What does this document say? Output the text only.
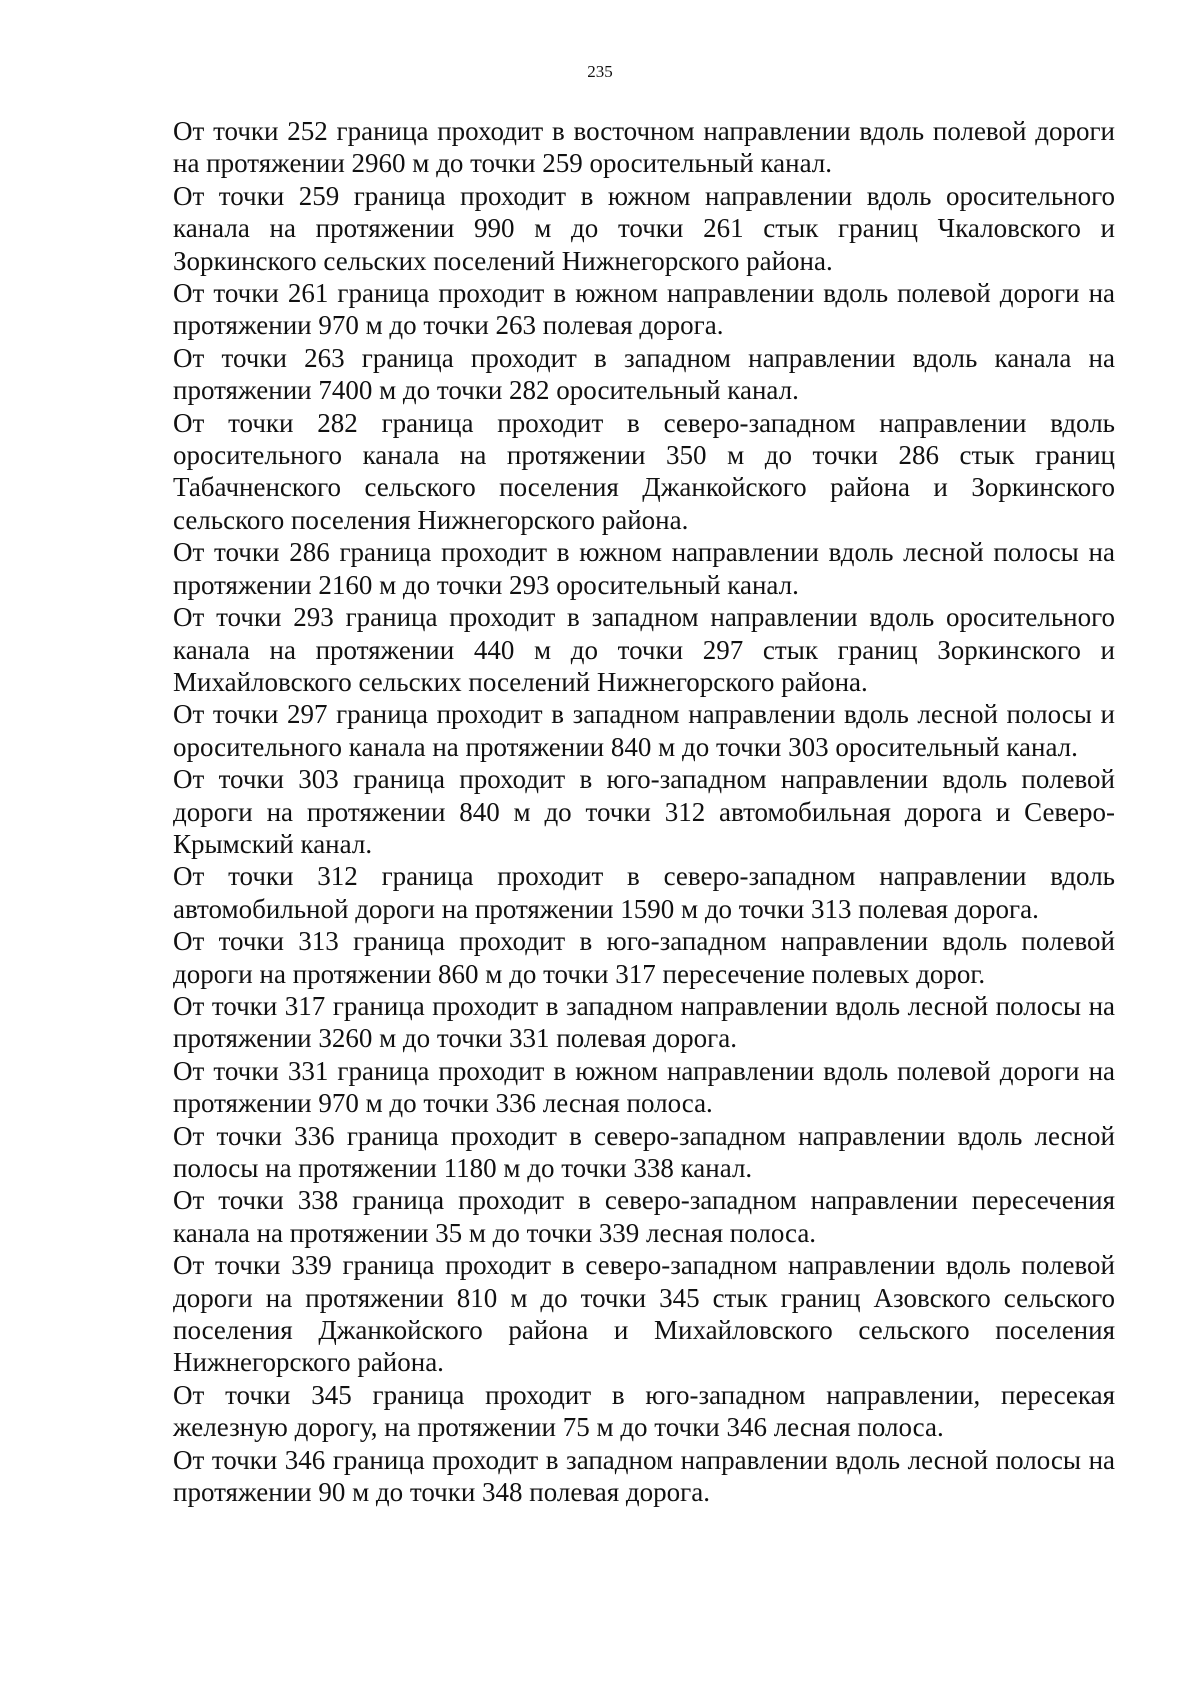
235

От точки 252 граница проходит в восточном направлении вдоль полевой дороги на протяжении 2960 м до точки 259 оросительный канал.

От точки 259 граница проходит в южном направлении вдоль оросительного канала на протяжении 990 м до точки 261 стык границ Чкаловского и Зоркинского сельских поселений Нижнегорского района.

От точки 261 граница проходит в южном направлении вдоль полевой дороги на протяжении 970 м до точки 263 полевая дорога.

От точки 263 граница проходит в западном направлении вдоль канала на протяжении 7400 м до точки 282 оросительный канал.

От точки 282 граница проходит в северо-западном направлении вдоль оросительного канала на протяжении 350 м до точки 286 стык границ Табачненского сельского поселения Джанкойского района и Зоркинского сельского поселения Нижнегорского района.

От точки 286 граница проходит в южном направлении вдоль лесной полосы на протяжении 2160 м до точки 293 оросительный канал.

От точки 293 граница проходит в западном направлении вдоль оросительного канала на протяжении 440 м до точки 297 стык границ Зоркинского и Михайловского сельских поселений Нижнегорского района.

От точки 297 граница проходит в западном направлении вдоль лесной полосы и оросительного канала на протяжении 840 м до точки 303 оросительный канал.

От точки 303 граница проходит в юго-западном направлении вдоль полевой дороги на протяжении 840 м до точки 312 автомобильная дорога и Северо-Крымский канал.

От точки 312 граница проходит в северо-западном направлении вдоль автомобильной дороги на протяжении 1590 м до точки 313 полевая дорога.

От точки 313 граница проходит в юго-западном направлении вдоль полевой дороги на протяжении 860 м до точки 317 пересечение полевых дорог.

От точки 317 граница проходит в западном направлении вдоль лесной полосы на протяжении 3260 м до точки 331 полевая дорога.

От точки 331 граница проходит в южном направлении вдоль полевой дороги на протяжении 970 м до точки 336 лесная полоса.

От точки 336 граница проходит в северо-западном направлении вдоль лесной полосы на протяжении 1180 м до точки 338 канал.

От точки 338 граница проходит в северо-западном направлении пересечения канала на протяжении 35 м до точки 339 лесная полоса.

От точки 339 граница проходит в северо-западном направлении вдоль полевой дороги на протяжении 810 м до точки 345 стык границ Азовского сельского поселения Джанкойского района и Михайловского сельского поселения Нижнегорского района.

От точки 345 граница проходит в юго-западном направлении, пересекая железную дорогу, на протяжении 75 м до точки 346 лесная полоса.

От точки 346 граница проходит в западном направлении вдоль лесной полосы на протяжении 90 м до точки 348 полевая дорога.
